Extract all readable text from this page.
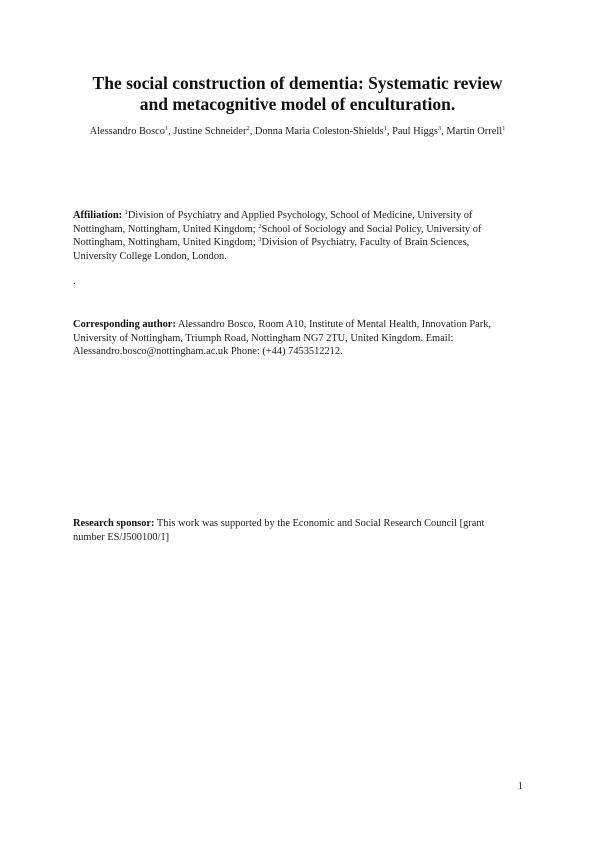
The social construction of dementia: Systematic review
and metacognitive model of enculturation.
Alessandro Bosco$^1$, Justine Schneider$^2$, Donna Maria Coleston-Shields$^1$, Paul Higgs$^3$, Martin Orrell$^1$
Affiliation: $^1$Division of Psychiatry and Applied Psychology, School of Medicine, University of
Nottingham, Nottingham, United Kingdom; $^2$School of Sociology and Social Policy, University of
Nottingham, Nottingham, United Kingdom; $^3$Division of Psychiatry, Faculty of Brain Sciences,
University College London, London.
.
Corresponding author: Alessandro Bosco, Room A10, Institute of Mental Health, Innovation Park,
University of Nottingham, Triumph Road, Nottingham NG7 2TU, United Kingdom. Email:
Alessandro.bosco@nottingham.ac.uk Phone: (+44) 7453512212.
Research sponsor: This work was supported by the Economic and Social Research Council [grant
number ES/J500100/1]
1
